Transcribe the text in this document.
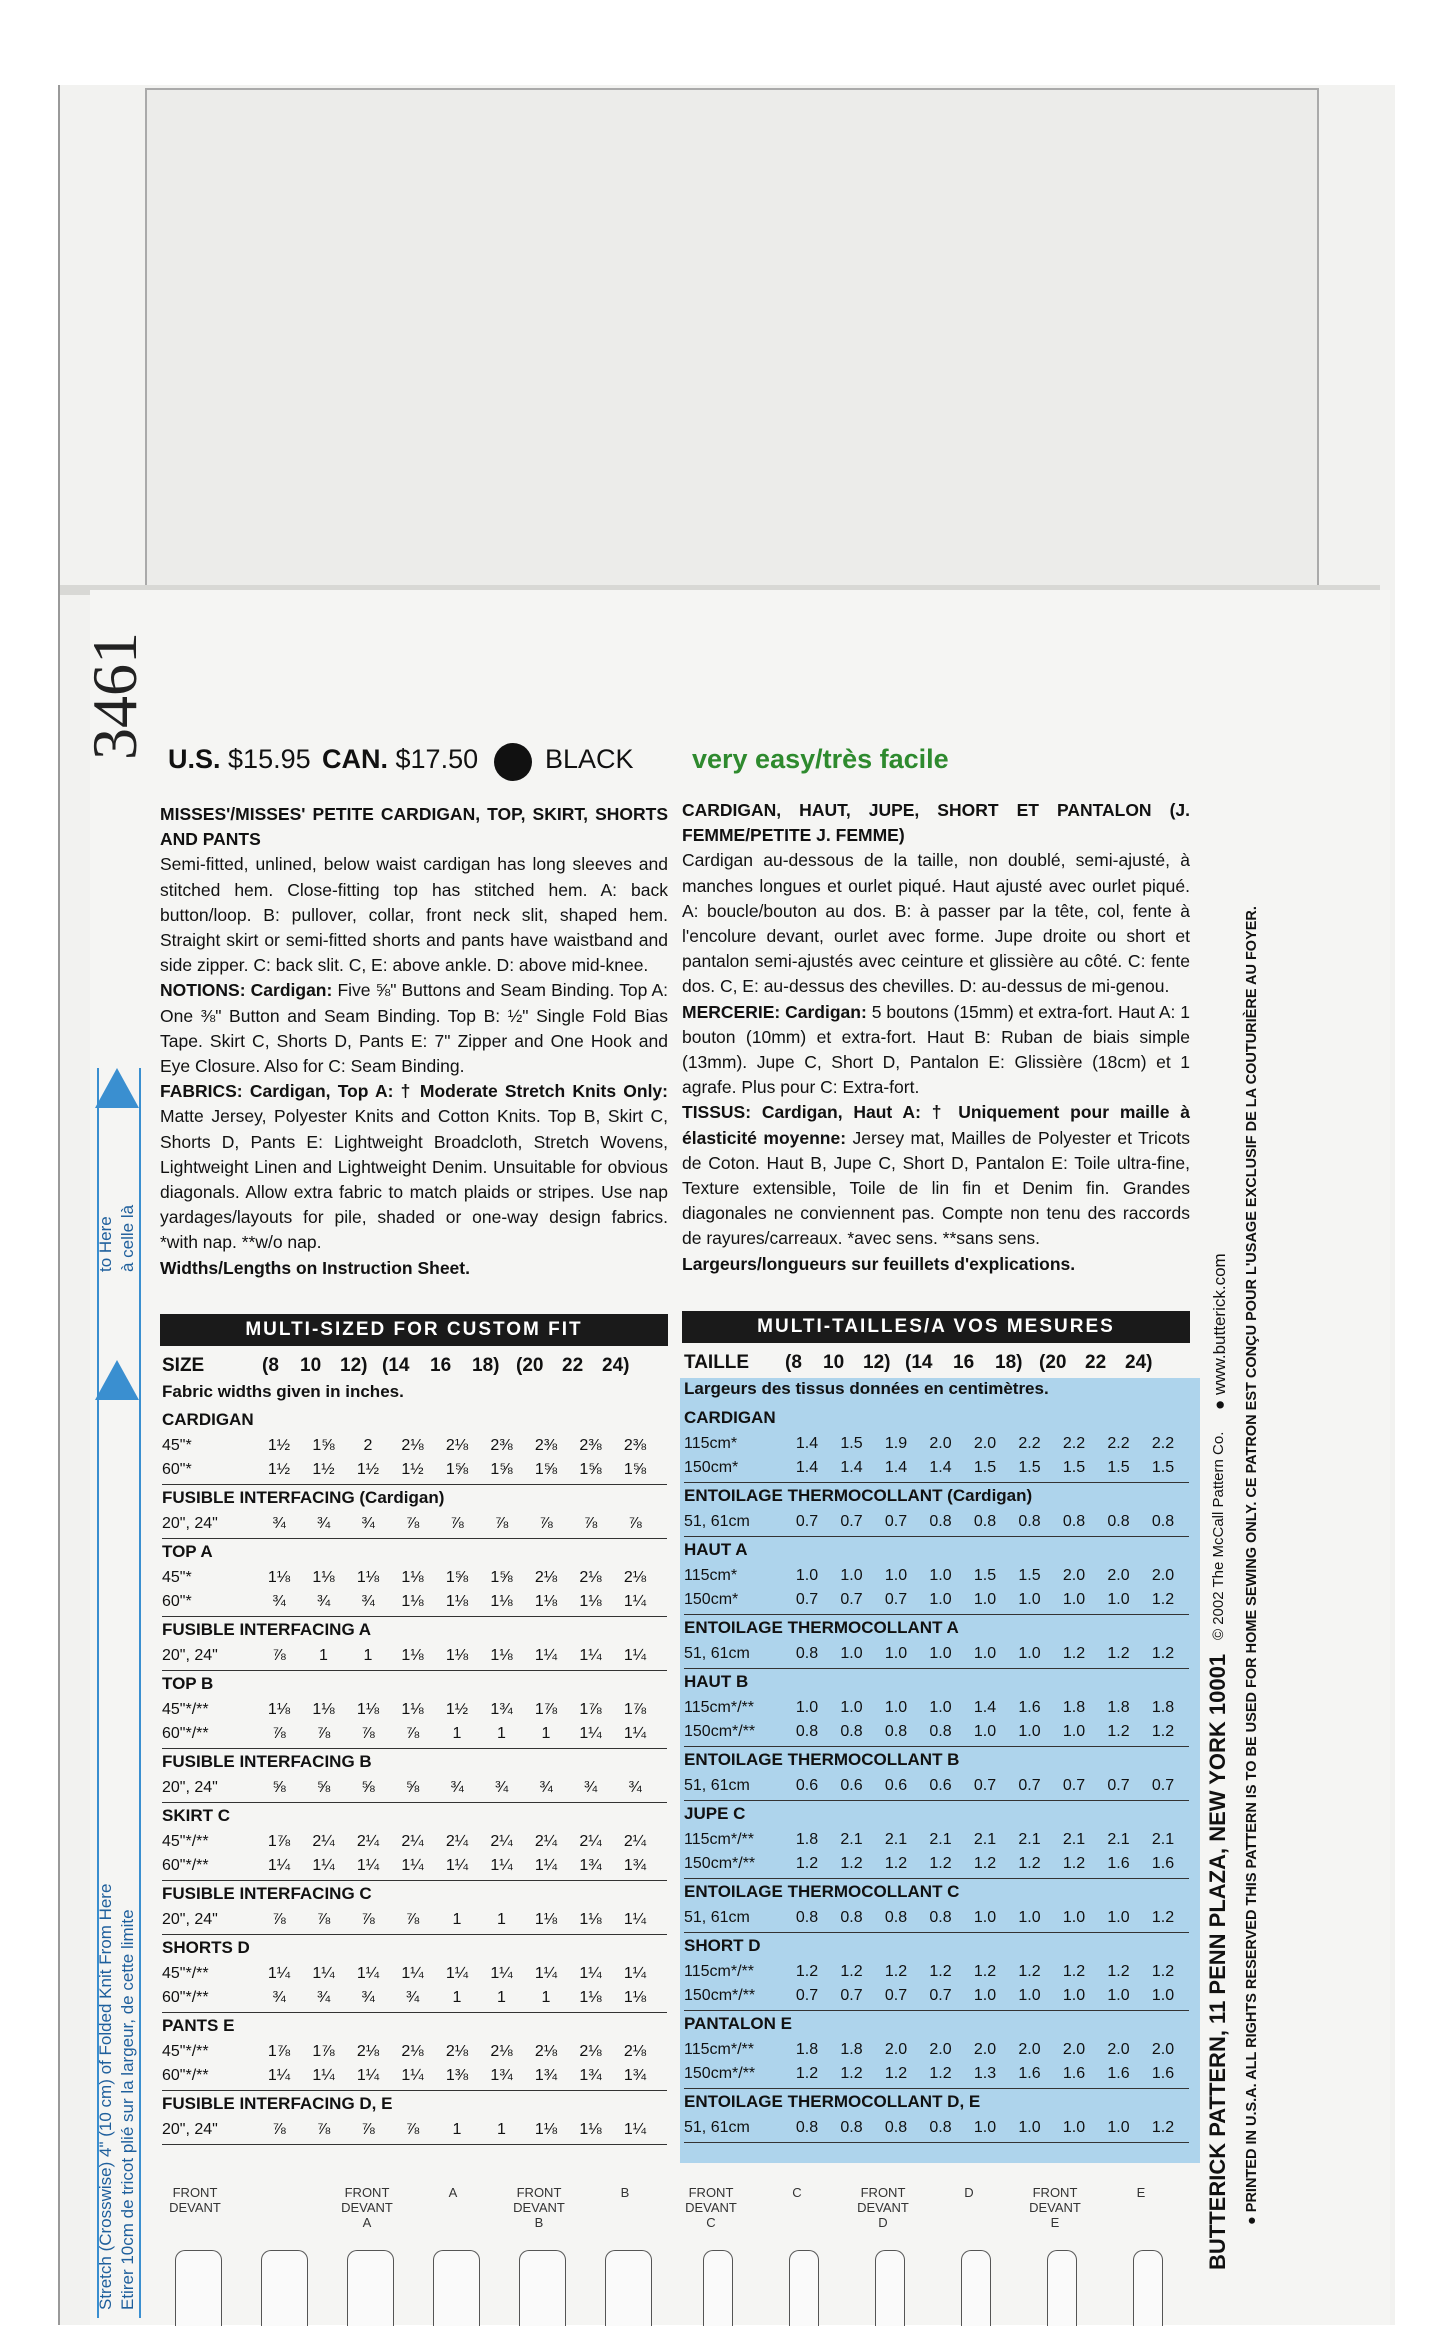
3461 U.S. $15.95 CAN. $17.50 BLACK very easy/très facile

MISSES'/MISSES' PETITE CARDIGAN, TOP, SKIRT, SHORTS AND PANTS

Semi-fitted, unlined, below waist cardigan has long sleeves and stitched hem. Close-fitting top has stitched hem. A: back button/loop. B: pullover, collar, front neck slit, shaped hem. Straight skirt or semi-fitted shorts and pants have waistband and side zipper. C: back slit. C, E: above ankle. D: above mid-knee.

NOTIONS: Cardigan: Five ⅝" Buttons and Seam Binding. Top A: One ⅜" Button and Seam Binding. Top B: ½" Single Fold Bias Tape. Skirt C, Shorts D, Pants E: 7" Zipper and One Hook and Eye Closure. Also for C: Seam Binding.

FABRICS: Cardigan, Top A: † Moderate Stretch Knits Only: Matte Jersey, Polyester Knits and Cotton Knits. Top B, Skirt C, Shorts D, Pants E: Lightweight Broadcloth, Stretch Wovens, Lightweight Linen and Lightweight Denim. Unsuitable for obvious diagonals. Allow extra fabric to match plaids or stripes. Use nap yardages/layouts for pile, shaded or one-way design fabrics. *with nap. **w/o nap.

Widths/Lengths on Instruction Sheet.

CARDIGAN, HAUT, JUPE, SHORT ET PANTALON (J. FEMME/PETITE J. FEMME)

Cardigan au-dessous de la taille, non doublé, semi-ajusté, à manches longues et ourlet piqué. Haut ajusté avec ourlet piqué. A: boucle/bouton au dos. B: à passer par la tête, col, fente à l'encolure devant, ourlet avec forme. Jupe droite ou short et pantalon semi-ajustés avec ceinture et glissière au côté. C: fente dos. C, E: au-dessus des chevilles. D: au-dessus de mi-genou.

MERCERIE: Cardigan: 5 boutons (15mm) et extra-fort. Haut A: 1 bouton (10mm) et extra-fort. Haut B: Ruban de biais simple (13mm). Jupe C, Short D, Pantalon E: Glissière (18cm) et 1 agrafe. Plus pour C: Extra-fort.

TISSUS: Cardigan, Haut A: † Uniquement pour maille à élasticité moyenne: Jersey mat, Mailles de Polyester et Tricots de Coton. Haut B, Jupe C, Short D, Pantalon E: Toile ultra-fine, Texture extensible, Toile de lin fin et Denim fin. Grandes diagonales ne conviennent pas. Compte non tenu des raccords de rayures/carreaux. *avec sens. **sans sens.

Largeurs/longueurs sur feuillets d'explications.

MULTI-SIZED FOR CUSTOM FIT	MULTI-TAILLES/A VOS MESURES
SIZE	(8 10 12) (14 16 18) (20 22 24)
Fabric widths given in inches.
TAILLE (8 10 12) (14 16 18) (20 22 24)
Largeurs des tissus données en centimètres.
CARDIGAN
45"*	1½	1⅝	2	2⅛	2⅛	2⅜	2⅜	2⅜	2⅜
60"*	1½	1½	1½	1½	1⅝	1⅝	1⅝	1⅝	1⅝
FUSIBLE INTERFACING (Cardigan)
20", 24"	¾	¾	¾	⅞	⅞	⅞	⅞	⅞	⅞
TOP A
45"*	1⅛	1⅛	1⅛	1⅛	1⅝	1⅝	2⅛	2⅛	2⅛
60"*	¾	¾	¾	1⅛	1⅛	1⅛	1⅛	1⅛	1¼
FUSIBLE INTERFACING A
20", 24"	⅞	1	1	1⅛	1⅛	1⅛	1¼	1¼	1¼
TOP B
45"*/**	1⅛	1⅛	1⅛	1⅛	1½	1¾	1⅞	1⅞	1⅞
60"*/**	⅞	⅞	⅞	⅞	1	1	1	1¼	1¼
FUSIBLE INTERFACING B
20", 24"	⅝	⅝	⅝	⅝	¾	¾	¾	¾	¾
SKIRT C
45"*/**	1⅞	2¼	2¼	2¼	2¼	2¼	2¼	2¼	2¼
60"*/**	1¼	1¼	1¼	1¼	1¼	1¼	1¼	1¾	1¾
FUSIBLE INTERFACING C
20", 24"	⅞	⅞	⅞	⅞	1	1	1⅛	1⅛	1¼
SHORTS D
45"*/**	1¼	1¼	1¼	1¼	1¼	1¼	1¼	1¼	1¼
60"*/**	¾	¾	¾	¾	1	1	1	1⅛	1⅛
PANTS E
45"*/**	1⅞	1⅞	2⅛	2⅛	2⅛	2⅛	2⅛	2⅛	2⅛
60"*/**	1¼	1¼	1¼	1¼	1⅜	1¾	1¾	1¾	1¾
FUSIBLE INTERFACING D, E
20", 24"	⅞	⅞	⅞	⅞	1	1	1⅛	1⅛	1¼
CARDIGAN
115cm*	1.4	1.5	1.9	2.0	2.0	2.2	2.2	2.2	2.2
150cm*	1.4	1.4	1.4	1.4	1.5	1.5	1.5	1.5	1.5
ENTOILAGE THERMOCOLLANT (Cardigan)
51, 61cm	0.7	0.7	0.7	0.8	0.8	0.8	0.8	0.8	0.8
HAUT A
115cm*	1.0	1.0	1.0	1.0	1.5	1.5	2.0	2.0	2.0
150cm*	0.7	0.7	0.7	1.0	1.0	1.0	1.0	1.0	1.2
ENTOILAGE THERMOCOLLANT A
51, 61cm	0.8	1.0	1.0	1.0	1.0	1.0	1.2	1.2	1.2
HAUT B
115cm*/**	1.0	1.0	1.0	1.0	1.4	1.6	1.8	1.8	1.8
150cm*/**	0.8	0.8	0.8	0.8	1.0	1.0	1.0	1.2	1.2
ENTOILAGE THERMOCOLLANT B
51, 61cm	0.6	0.6	0.6	0.6	0.7	0.7	0.7	0.7	0.7
JUPE C
115cm*/**	1.8	2.1	2.1	2.1	2.1	2.1	2.1	2.1	2.1
150cm*/**	1.2	1.2	1.2	1.2	1.2	1.2	1.2	1.6	1.6
ENTOILAGE THERMOCOLLANT C
51, 61cm	0.8	0.8	0.8	0.8	1.0	1.0	1.0	1.0	1.2
SHORT D
115cm*/**	1.2	1.2	1.2	1.2	1.2	1.2	1.2	1.2	1.2
150cm*/**	0.7	0.7	0.7	0.7	1.0	1.0	1.0	1.0	1.0
PANTALON E
115cm*/**	1.8	1.8	2.0	2.0	2.0	2.0	2.0	2.0	2.0
150cm*/**	1.2	1.2	1.2	1.2	1.3	1.6	1.6	1.6	1.6
ENTOILAGE THERMOCOLLANT D, E
51, 61cm	0.8	0.8	0.8	0.8	1.0	1.0	1.0	1.0	1.2
FRONT
DEVANT
FRONT
DEVANT
A
A	FRONT
DEVANT
B
B	FRONT
DEVANT
C
C	FRONT
DEVANT
D
D	FRONT
DEVANT
E
E
Stretch (Crosswise) 4" (10 cm) of Folded Knit From Here Etirer 10cm de tricot plié sur la largeur, de cette limite
to Here à celle là
BUTTERICK PATTERN, 11 PENN PLAZA, NEW YORK 10001
© 2002 The McCall Pattern Co.
● www.butterick.com ● PRINTED IN U.S.A. ALL RIGHTS RESERVED THIS PATTERN IS TO BE USED FOR HOME SEWING ONLY. CE PATRON EST CONÇU POUR L'USAGE EXCLUSIF DE LA COUTURIÈRE AU FOYER.
